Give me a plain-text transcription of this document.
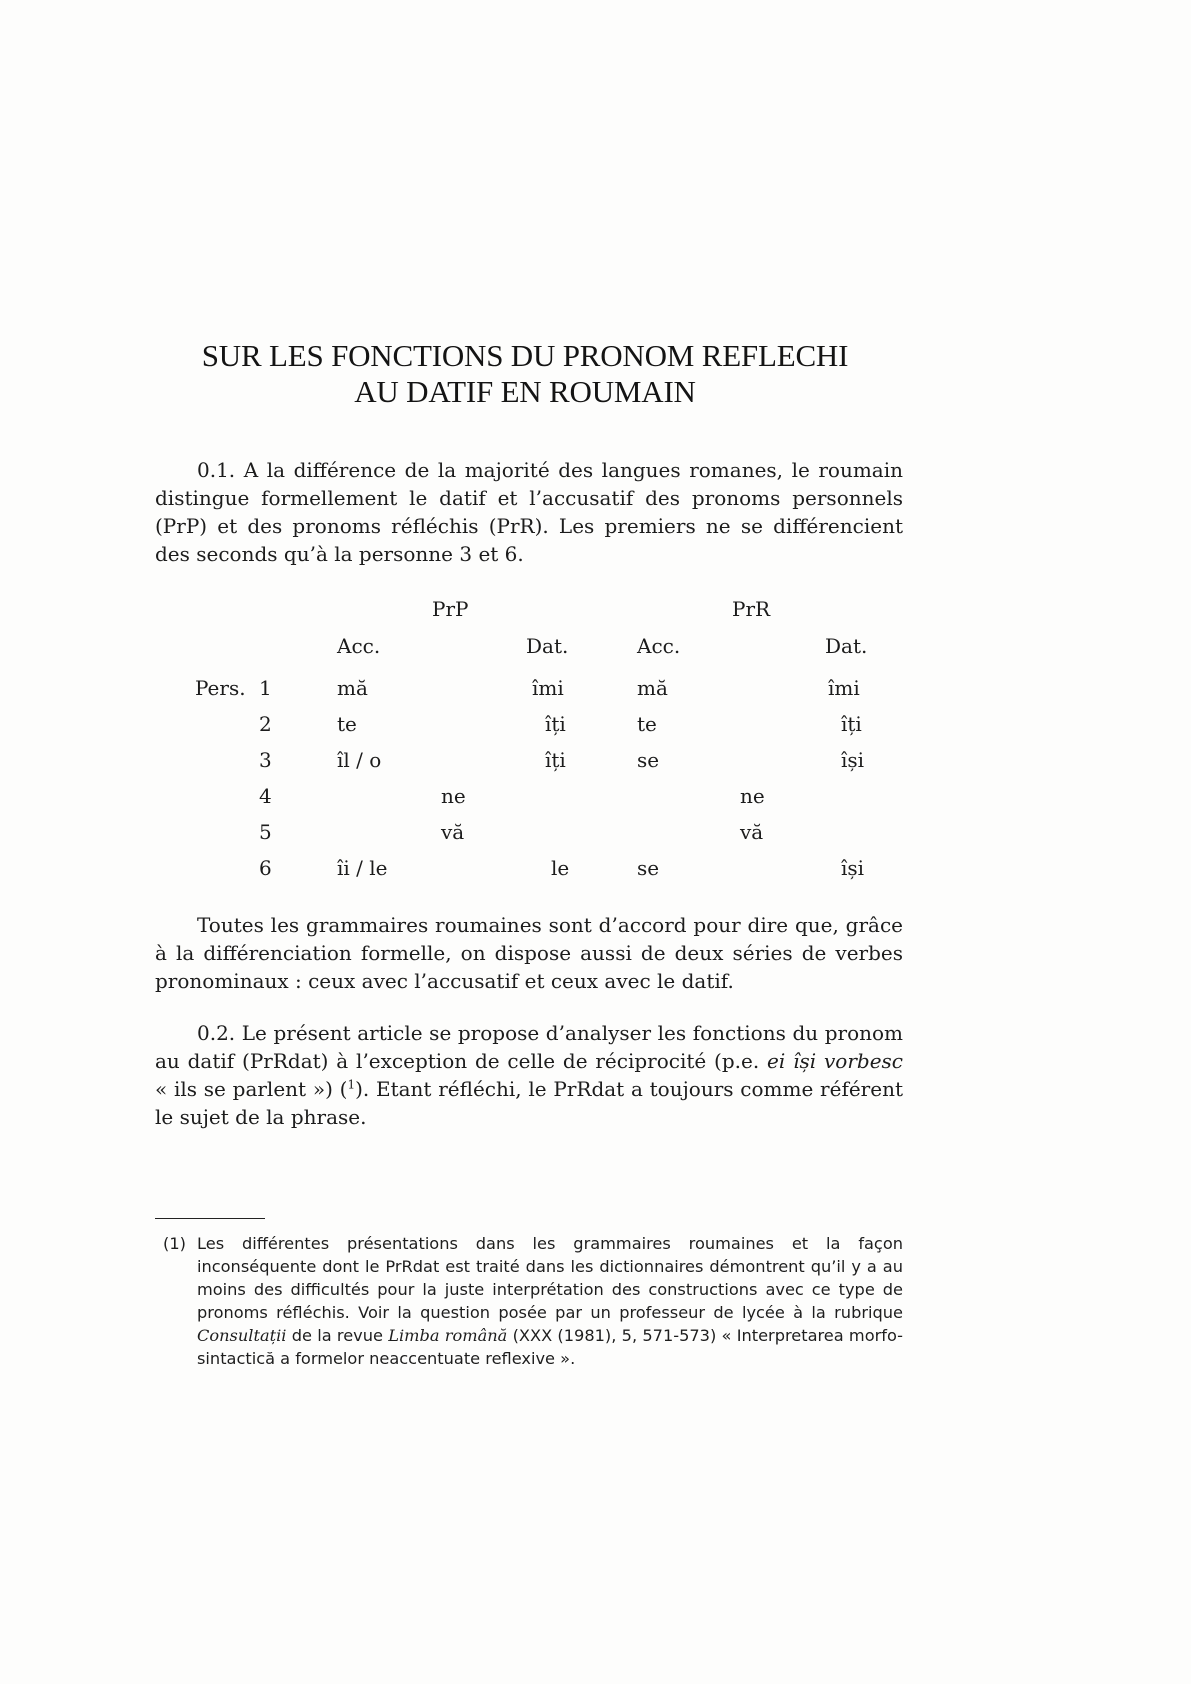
SUR LES FONCTIONS DU PRONOM REFLECHI
AU DATIF EN ROUMAIN

0.1. A la différence de la majorité des langues romanes, le roumain distingue formellement le datif et l’accusatif des pronoms personnels (PrP) et des pronoms réfléchis (PrR). Les premiers ne se différencient des seconds qu’à la personne 3 et 6.

PrP	PrR
Acc.	Dat.	Acc.	Dat.
Pers. 1	mă	îmi	mă	îmi
2	te	îți	te	îți
3	îl / o	îți	se	își
4	ne	ne
5	vă	vă
6	îi / le	le	se	își

Toutes les grammaires roumaines sont d’accord pour dire que, grâce à la différenciation formelle, on dispose aussi de deux séries de verbes pronominaux : ceux avec l’accusatif et ceux avec le datif.

0.2. Le présent article se propose d’analyser les fonctions du pronom au datif (PrRdat) à l’exception de celle de réciprocité (p.e. ei își vorbesc « ils se parlent ») ($^1$). Etant réfléchi, le PrRdat a toujours comme référent le sujet de la phrase.

(1) Les différentes présentations dans les grammaires roumaines et la façon inconséquente dont le PrRdat est traité dans les dictionnaires démontrent qu’il y a au moins des difficultés pour la juste interprétation des constructions avec ce type de pronoms réfléchis. Voir la question posée par un professeur de lycée à la rubrique Consultații de la revue Limba română (XXX (1981), 5, 571-573) « Interpretarea morfo-sintactică a formelor neaccentuate reflexive ».
